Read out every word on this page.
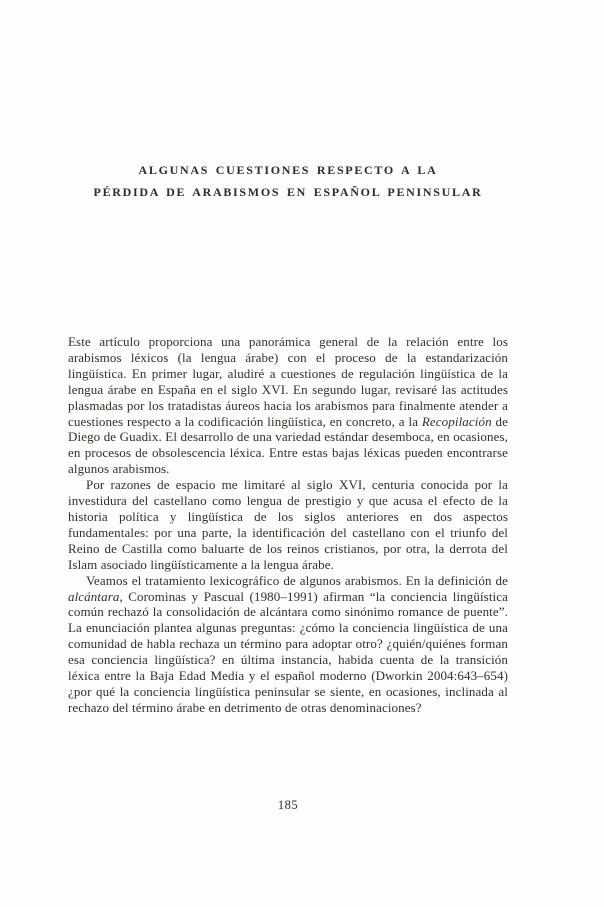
ALGUNAS CUESTIONES RESPECTO A LA
PÉRDIDA DE ARABISMOS EN ESPAÑOL PENINSULAR

Este artículo proporciona una panorámica general de la relación entre los arabismos léxicos (la lengua árabe) con el proceso de la estandarización lingüística. En primer lugar, aludiré a cuestiones de regulación lingüística de la lengua árabe en España en el siglo XVI. En segundo lugar, revisaré las actitudes plasmadas por los tratadistas áureos hacia los arabismos para finalmente atender a cuestiones respecto a la codificación lingüística, en concreto, a la Recopilación de Diego de Guadix. El desarrollo de una variedad estándar desemboca, en ocasiones, en procesos de obsolescencia léxica. Entre estas bajas léxicas pueden encontrarse algunos arabismos.

Por razones de espacio me limitaré al siglo XVI, centuria conocida por la investidura del castellano como lengua de prestigio y que acusa el efecto de la historia política y lingüística de los siglos anteriores en dos aspectos fundamentales: por una parte, la identificación del castellano con el triunfo del Reino de Castilla como baluarte de los reinos cristianos, por otra, la derrota del Islam asociado lingüísticamente a la lengua árabe.

Veamos el tratamiento lexicográfico de algunos arabismos. En la definición de alcántara, Corominas y Pascual (1980–1991) afirman “la conciencia lingüística común rechazó la consolidación de alcántara como sinónimo romance de puente”. La enunciación plantea algunas preguntas: ¿cómo la conciencia lingüística de una comunidad de habla rechaza un término para adoptar otro? ¿quién/quiénes forman esa conciencia lingüística? en última instancia, habida cuenta de la transición léxica entre la Baja Edad Media y el español moderno (Dworkin 2004:643–654) ¿por qué la conciencia lingüística peninsular se siente, en ocasiones, inclinada al rechazo del término árabe en detrimento de otras denominaciones?

185
